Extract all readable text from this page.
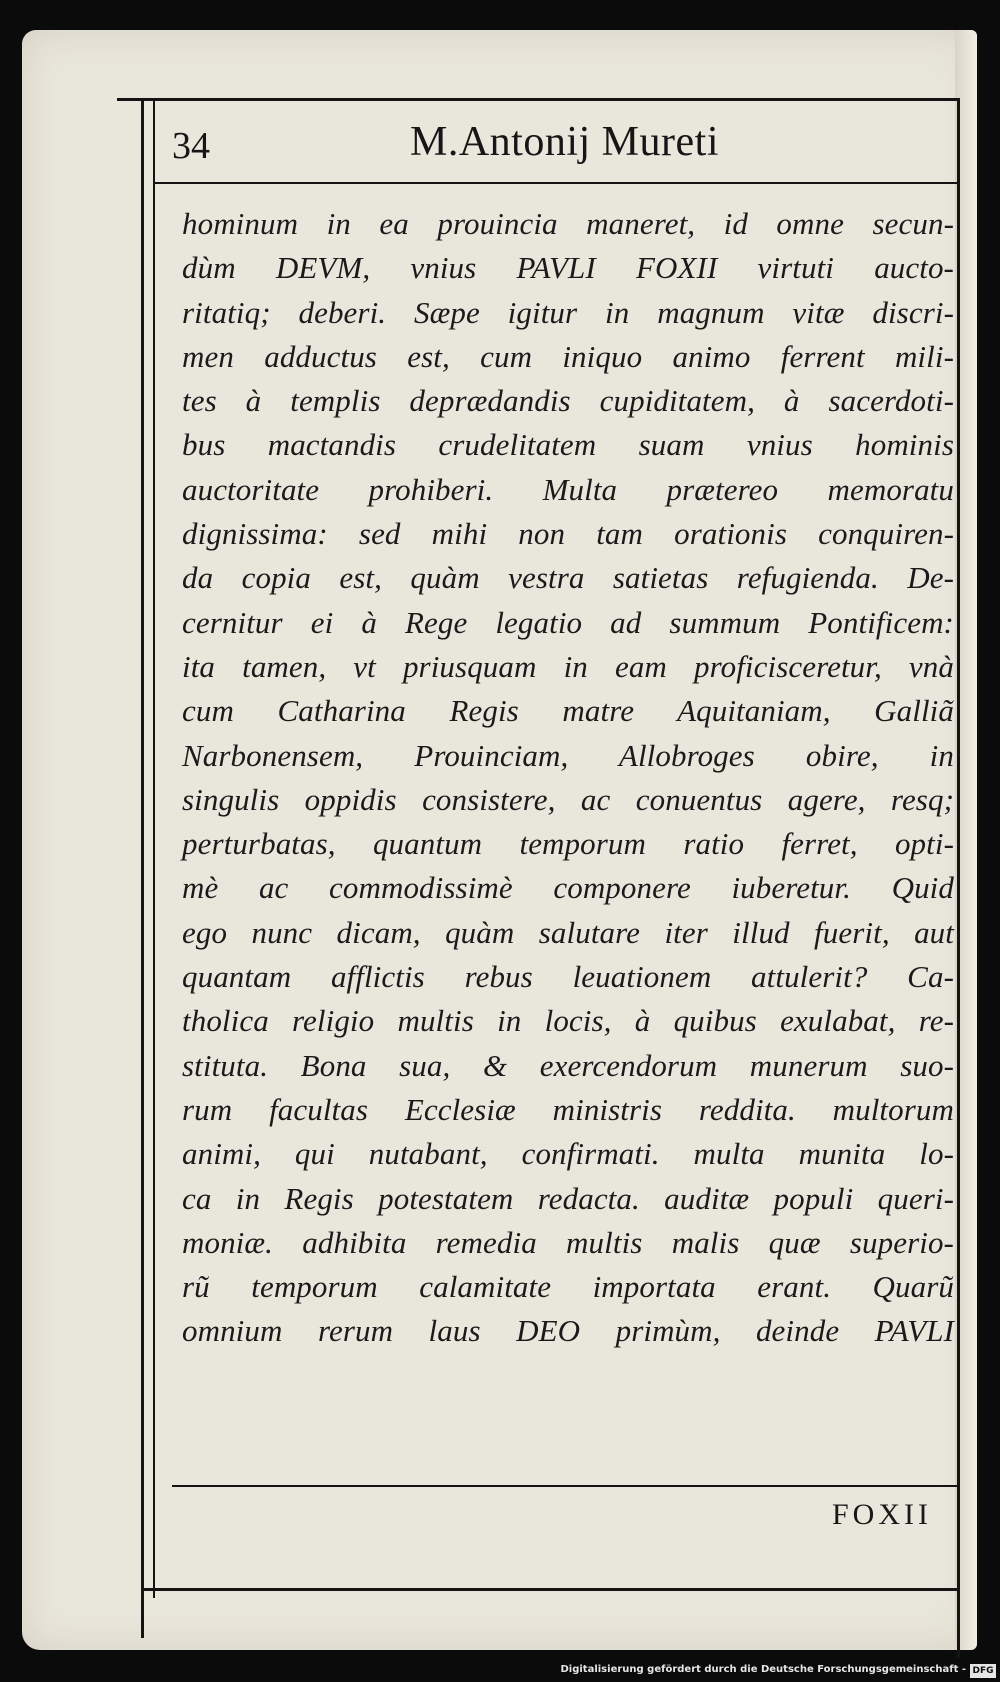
34	M.Antonij Mureti
hominum in ea prouincia maneret, id omne secun-
dùm DEVM, vnius PAVLI FOXII virtuti aucto-
ritatiq; deberi. Sæpe igitur in magnum vitæ discri-
men adductus est, cum iniquo animo ferrent mili-
tes à templis deprædandis cupiditatem, à sacerdoti-
bus mactandis crudelitatem suam vnius hominis
auctoritate prohiberi. Multa prætereo memoratu
dignissima: sed mihi non tam orationis conquiren-
da copia est, quàm vestra satietas refugienda. De-
cernitur ei à Rege legatio ad summum Pontificem:
ita tamen, vt priusquam in eam proficisceretur, vnà
cum Catharina Regis matre Aquitaniam, Galliã
Narbonensem, Prouinciam, Allobroges obire, in
singulis oppidis consistere, ac conuentus agere, resq;
perturbatas, quantum temporum ratio ferret, opti-
mè ac commodissimè componere iuberetur. Quid
ego nunc dicam, quàm salutare iter illud fuerit, aut
quantam afflictis rebus leuationem attulerit? Ca-
tholica religio multis in locis, à quibus exulabat, re-
stituta. Bona sua, & exercendorum munerum suo-
rum facultas Ecclesiæ ministris reddita. multorum
animi, qui nutabant, confirmati. multa munita lo-
ca in Regis potestatem redacta. auditæ populi queri-
moniæ. adhibita remedia multis malis quæ superio-
rũ temporum calamitate importata erant. Quarũ
omnium rerum laus DEO primùm, deinde PAVLI
FOXII
Digitalisierung gefördert durch die Deutsche Forschungsgemeinschaft - DFG
